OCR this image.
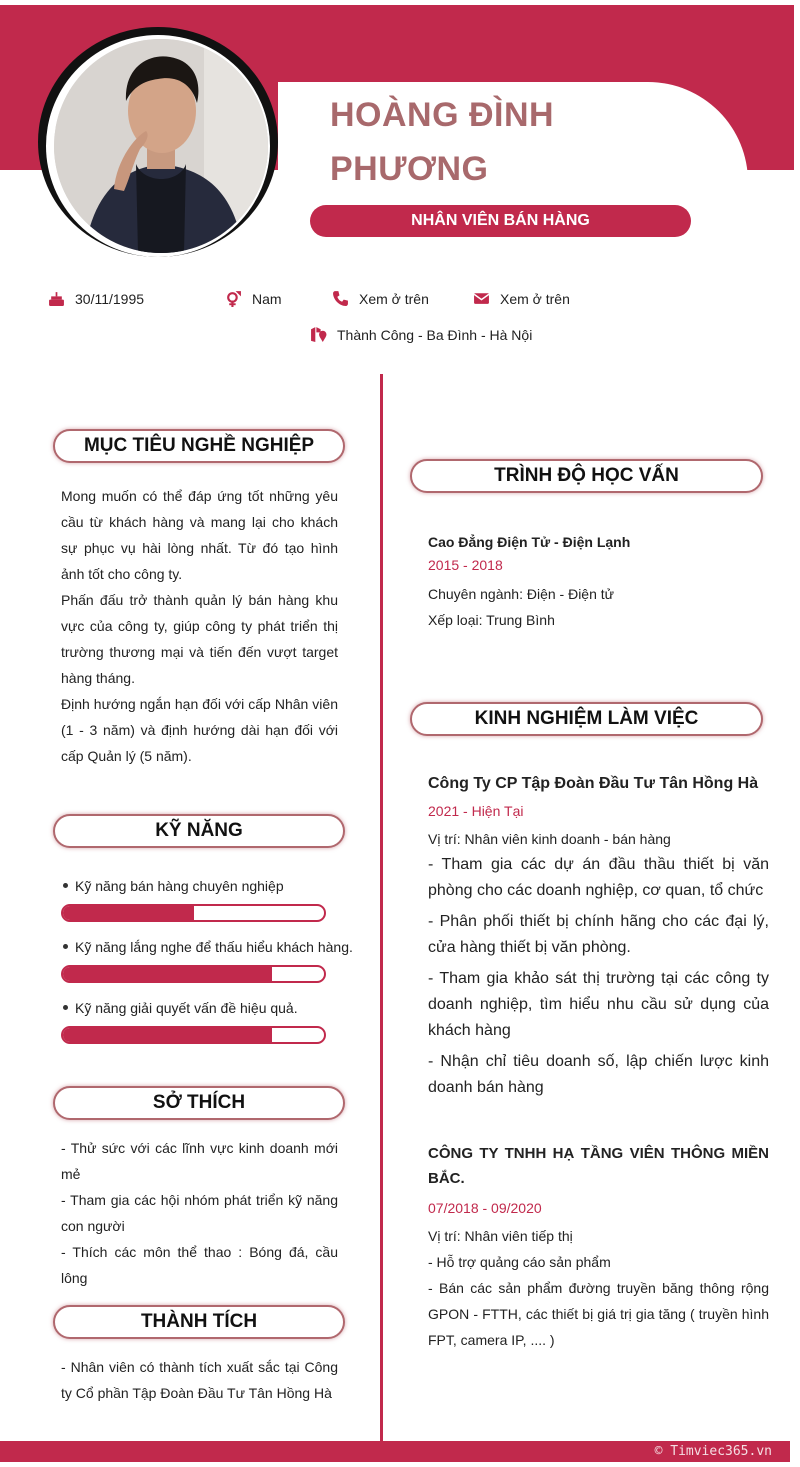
HOÀNG ĐÌNH
PHƯƠNG
NHÂN VIÊN BÁN HÀNG
30/11/1995	Nam	Xem ở trên	Xem ở trên
Thành Công - Ba Đình - Hà Nội
MỤC TIÊU NGHỀ NGHIỆP
Mong muốn có thể đáp ứng tốt những yêu cầu từ khách hàng và mang lại cho khách sự phục vụ hài lòng nhất. Từ đó tạo hình ảnh tốt cho công ty.
Phấn đấu trở thành quản lý bán hàng khu vực của công ty, giúp công ty phát triển thị trường thương mại và tiến đến vượt target hàng tháng.
Định hướng ngắn hạn đối với cấp Nhân viên (1 - 3 năm) và định hướng dài hạn đối với cấp Quản lý (5 năm).
KỸ NĂNG
Kỹ năng bán hàng chuyên nghiệp
Kỹ năng lắng nghe để thấu hiểu khách hàng.
Kỹ năng giải quyết vấn đề hiệu quả.
SỞ THÍCH
- Thử sức với các lĩnh vực kinh doanh mới mẻ
- Tham gia các hội nhóm phát triển kỹ năng con người
- Thích các môn thể thao : Bóng đá, cầu lông
THÀNH TÍCH
- Nhân viên có thành tích xuất sắc tại Công ty Cổ phần Tập Đoàn Đầu Tư Tân Hồng Hà
TRÌNH ĐỘ HỌC VẤN
Cao Đẳng Điện Tử - Điện Lạnh
2015 - 2018
Chuyên ngành: Điện - Điện tử
Xếp loại: Trung Bình
KINH NGHIỆM LÀM VIỆC
Công Ty CP Tập Đoàn Đầu Tư Tân Hồng Hà
2021 - Hiện Tại
Vị trí: Nhân viên kinh doanh - bán hàng
- Tham gia các dự án đầu thầu thiết bị văn phòng cho các doanh nghiệp, cơ quan, tổ chức
- Phân phối thiết bị chính hãng cho các đại lý, cửa hàng thiết bị văn phòng.
- Tham gia khảo sát thị trường tại các công ty doanh nghiệp, tìm hiểu nhu cầu sử dụng của khách hàng
- Nhận chỉ tiêu doanh số, lập chiến lược kinh doanh bán hàng
CÔNG TY TNHH HẠ TẦNG VIÊN THÔNG MIỀN BẮC.
07/2018 - 09/2020
Vị trí: Nhân viên tiếp thị
- Hỗ trợ quảng cáo sản phẩm
- Bán các sản phẩm đường truyền băng thông rộng GPON - FTTH, các thiết bị giá trị gia tăng ( truyền hình FPT, camera IP, .... )
© Timviec365.vn
